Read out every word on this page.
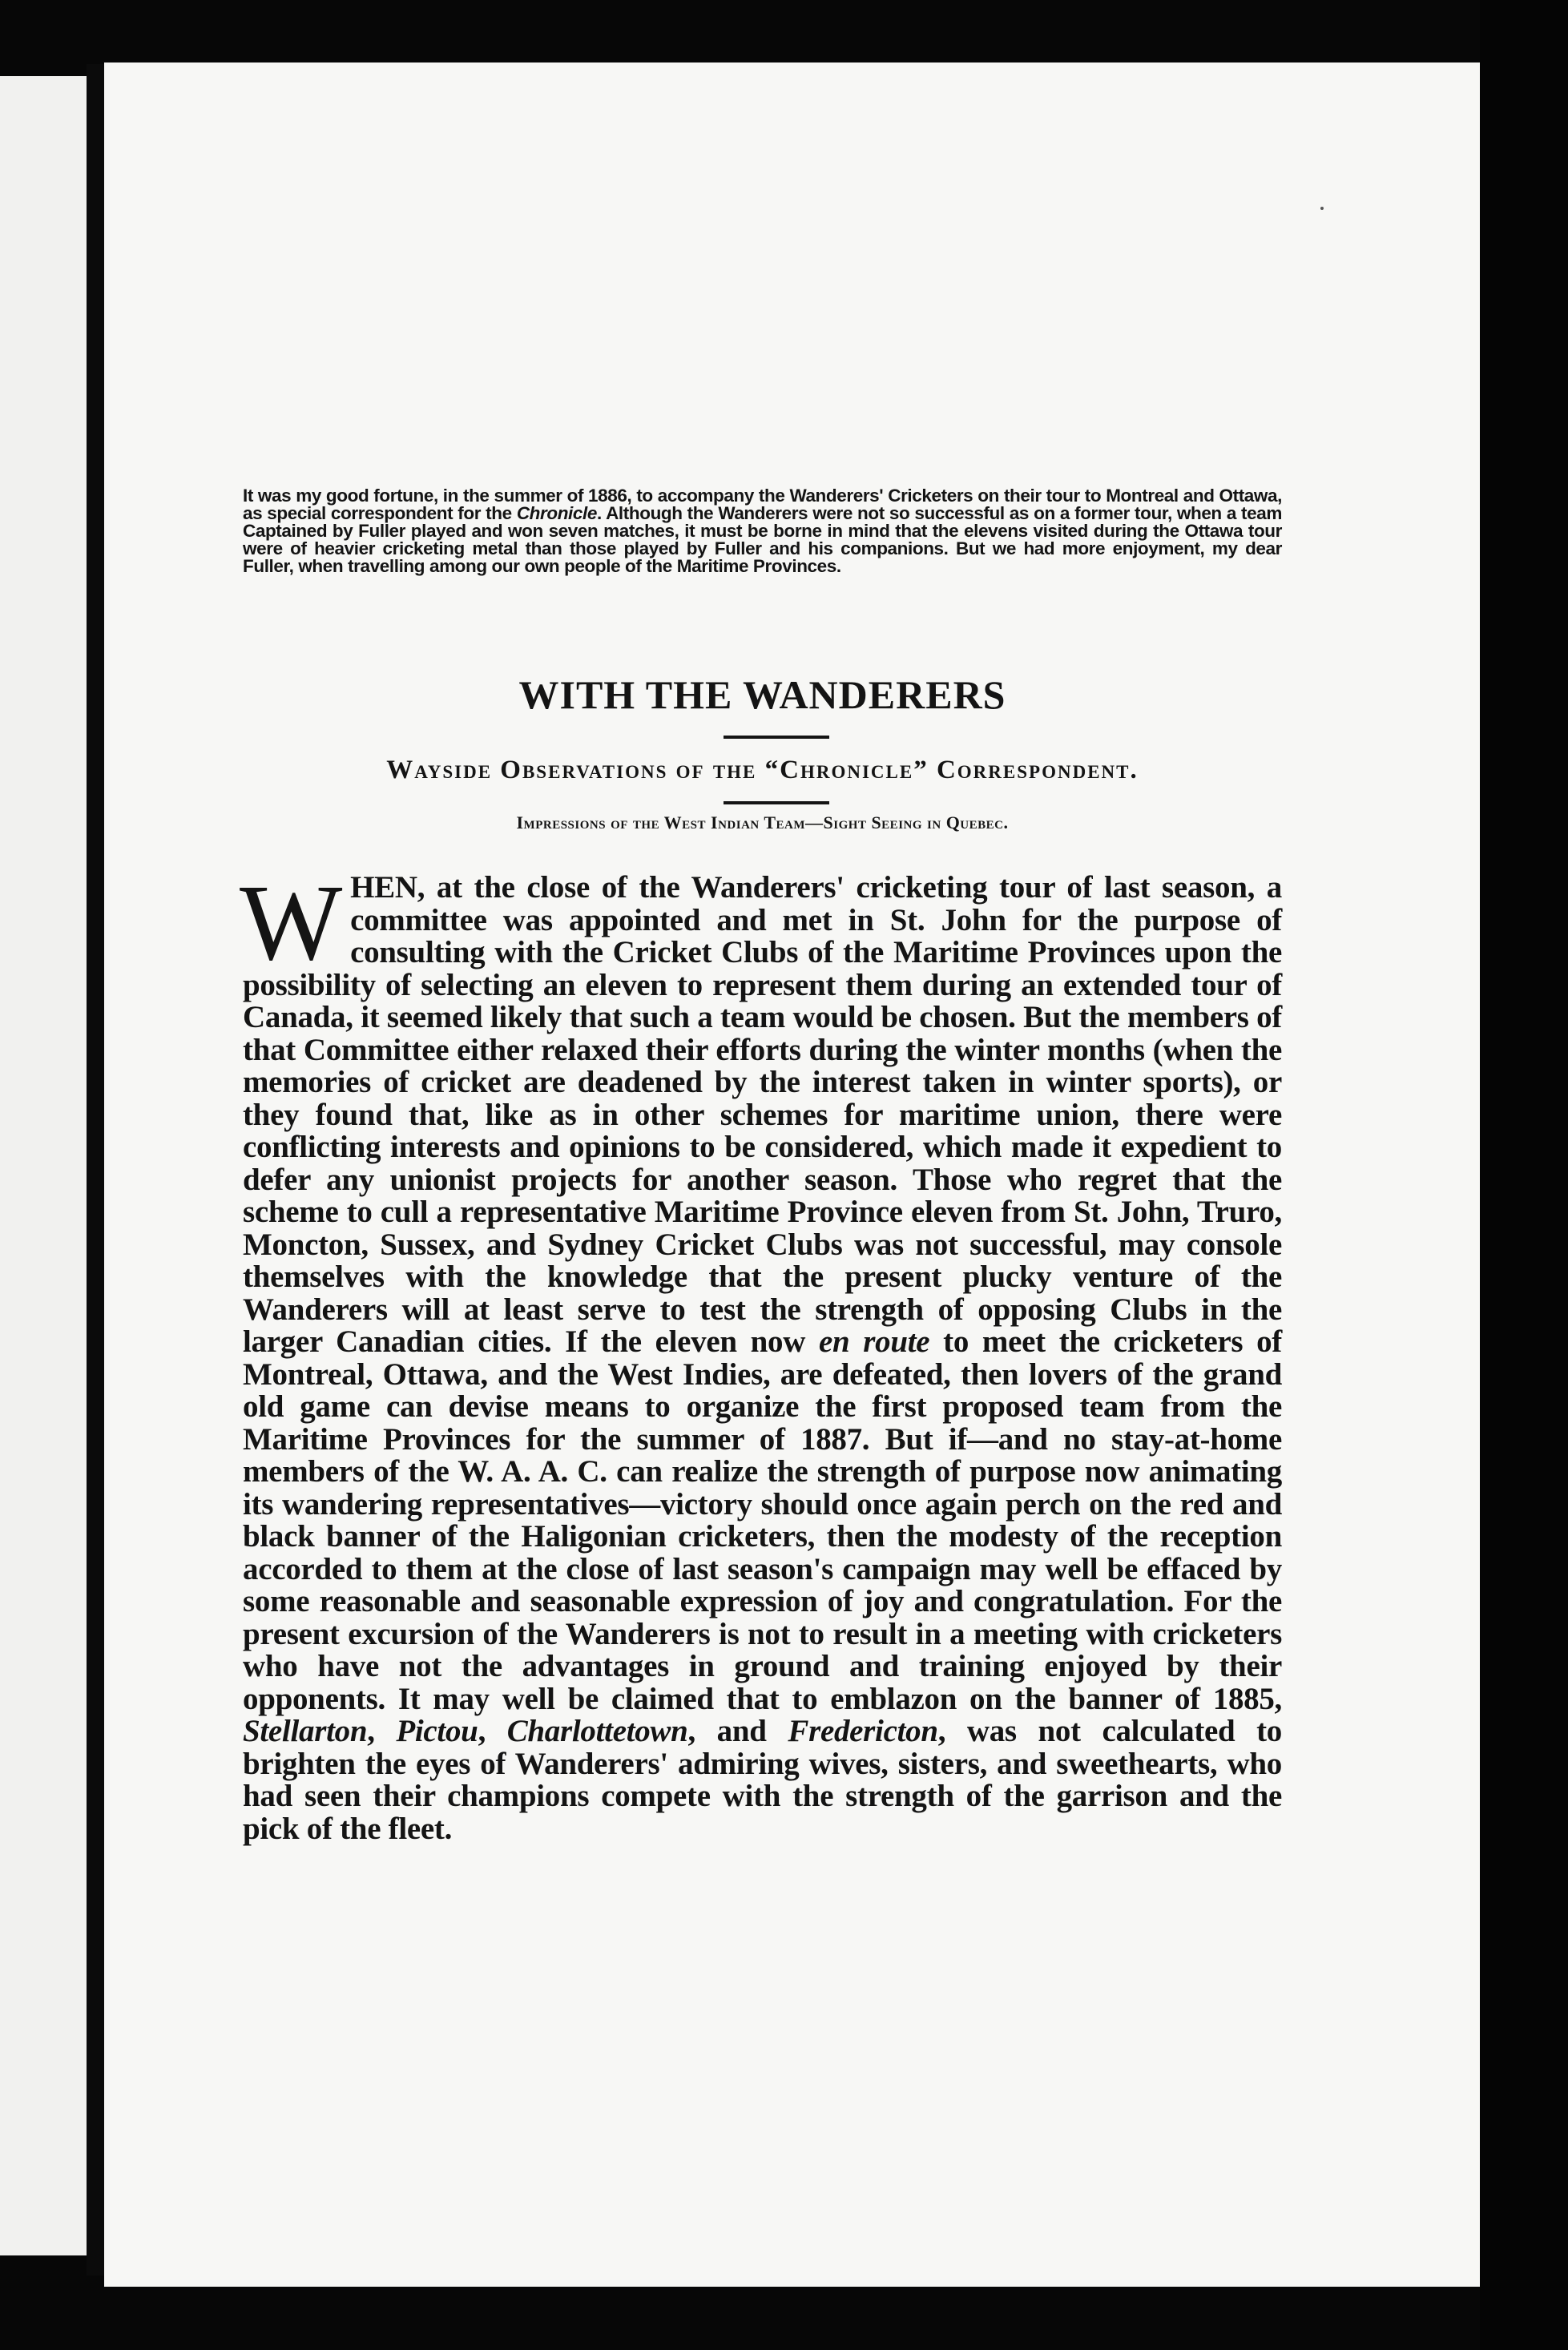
It was my good fortune, in the summer of 1886, to accompany the Wanderers' Cricketers on their tour to Montreal and Ottawa, as special correspondent for the Chronicle. Although the Wanderers were not so successful as on a former tour, when a team Captained by Fuller played and won seven matches, it must be borne in mind that the elevens visited during the Ottawa tour were of heavier cricketing metal than those played by Fuller and his companions. But we had more enjoyment, my dear Fuller, when travelling among our own people of the Maritime Provinces.

WITH THE WANDERERS
Wayside Observations of the “Chronicle” Correspondent.
Impressions of the West Indian Team—Sight Seeing in Quebec.

WHEN, at the close of the Wanderers' cricketing tour of last season, a committee was appointed and met in St. John for the purpose of consulting with the Cricket Clubs of the Maritime Provinces upon the possibility of selecting an eleven to represent them during an extended tour of Canada, it seemed likely that such a team would be chosen. But the members of that Committee either relaxed their efforts during the winter months (when the memories of cricket are deadened by the interest taken in winter sports), or they found that, like as in other schemes for maritime union, there were conflicting interests and opinions to be considered, which made it expedient to defer any unionist projects for another season. Those who regret that the scheme to cull a representative Maritime Province eleven from St. John, Truro, Moncton, Sussex, and Sydney Cricket Clubs was not successful, may console themselves with the knowledge that the present plucky venture of the Wanderers will at least serve to test the strength of opposing Clubs in the larger Canadian cities. If the eleven now en route to meet the cricketers of Montreal, Ottawa, and the West Indies, are defeated, then lovers of the grand old game can devise means to organize the first proposed team from the Maritime Provinces for the summer of 1887. But if—and no stay-at-home members of the W. A. A. C. can realize the strength of purpose now animating its wandering representatives—victory should once again perch on the red and black banner of the Haligonian cricketers, then the modesty of the reception accorded to them at the close of last season's campaign may well be effaced by some reasonable and seasonable expression of joy and congratulation. For the present excursion of the Wanderers is not to result in a meeting with cricketers who have not the advantages in ground and training enjoyed by their opponents. It may well be claimed that to emblazon on the banner of 1885, Stellarton, Pictou, Charlottetown, and Fredericton, was not calculated to brighten the eyes of Wanderers' admiring wives, sisters, and sweethearts, who had seen their champions compete with the strength of the garrison and the pick of the fleet.
